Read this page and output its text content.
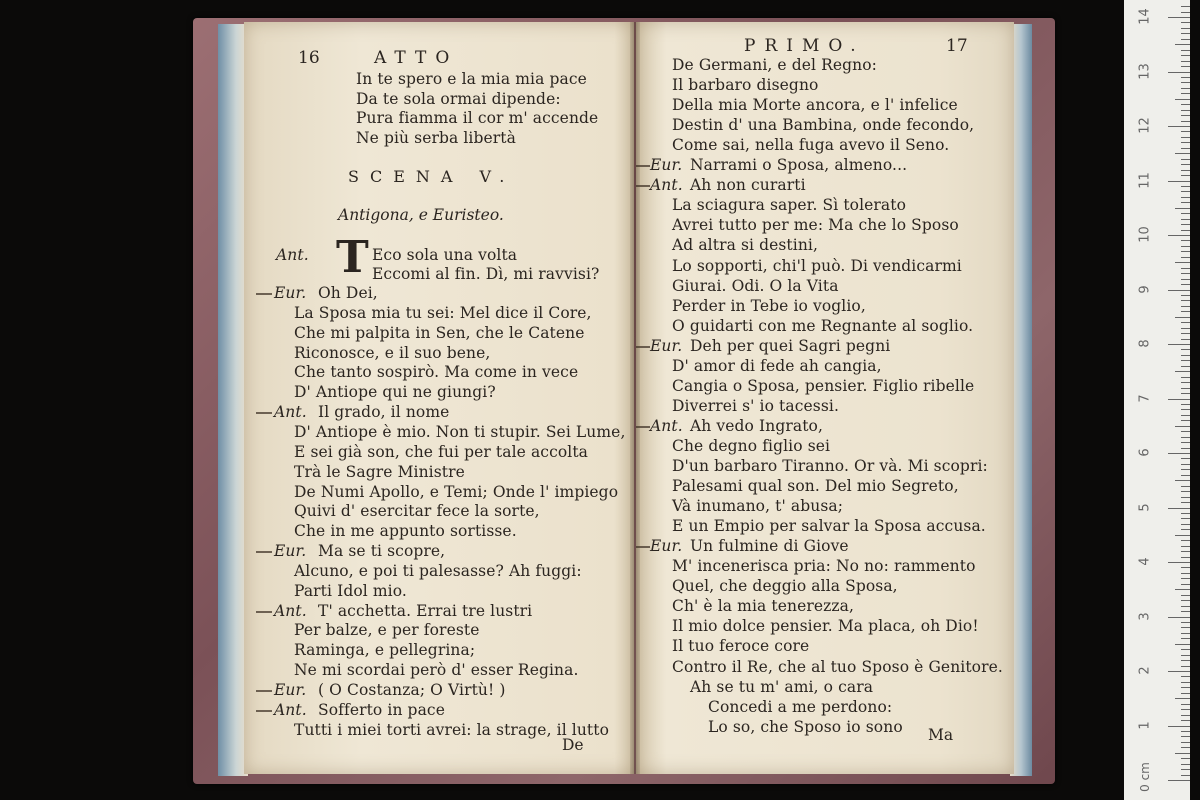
16	ATTO
In te spero e la mia mia pace
Da te sola ormai dipende:
Pura fiamma il cor m' accende
Ne più serba libertà
SCENA V.
Antigona, e Euristeo.
Ant. T Eco sola una volta
Eccomi al fin. Dì, mi ravvisi?
Eur. Oh Dei,
La Sposa mia tu sei: Mel dice il Core,
Che mi palpita in Sen, che le Catene
Riconosce, e il suo bene,
Che tanto sospirò. Ma come in vece
D' Antiope qui ne giungi?
Ant. Il grado, il nome
D' Antiope è mio. Non ti stupir. Sei Lume,
E sei già son, che fui per tale accolta
Trà le Sagre Ministre
De Numi Apollo, e Temi; Onde l' impiego
Quivi d' esercitar fece la sorte,
Che in me appunto sortisse.
Eur. Ma se ti scopre,
Alcuno, e poi ti palesasse? Ah fuggi:
Parti Idol mio.
Ant. T' acchetta. Errai tre lustri
Per balze, e per foreste
Raminga, e pellegrina;
Ne mi scordai però d' esser Regina.
Eur. ( O Costanza; O Virtù! )
Ant. Sofferto in pace
Tutti i miei torti avrei: la strage, il lutto
De
PRIMO.	17
De Germani, e del Regno:
Il barbaro disegno
Della mia Morte ancora, e l' infelice
Destin d' una Bambina, onde fecondo,
Come sai, nella fuga avevo il Seno.
Eur. Narrami o Sposa, almeno...
Ant. Ah non curarti
La sciagura saper. Sì tolerato
Avrei tutto per me: Ma che lo Sposo
Ad altra si destini,
Lo sopporti, chi'l può. Di vendicarmi
Giurai. Odi. O la Vita
Perder in Tebe io voglio,
O guidarti con me Regnante al soglio.
Eur. Deh per quei Sagri pegni
D' amor di fede ah cangia,
Cangia o Sposa, pensier. Figlio ribelle
Diverrei s' io tacessi.
Ant. Ah vedo Ingrato,
Che degno figlio sei
D'un barbaro Tiranno. Or và. Mi scopri:
Palesami qual son. Del mio Segreto,
Và inumano, t' abusa;
E un Empio per salvar la Sposa accusa.
Eur. Un fulmine di Giove
M' incenerisca pria: No no: rammento
Quel, che deggio alla Sposa,
Ch' è la mia tenerezza,
Il mio dolce pensier. Ma placa, oh Dio!
Il tuo feroce core
Contro il Re, che al tuo Sposo è Genitore.
Ah se tu m' ami, o cara
Concedi a me perdono:
Lo so, che Sposo io sono Ma
0 cm
1
2
3
4
5
6
7
8
9
10
11
12
13
14
